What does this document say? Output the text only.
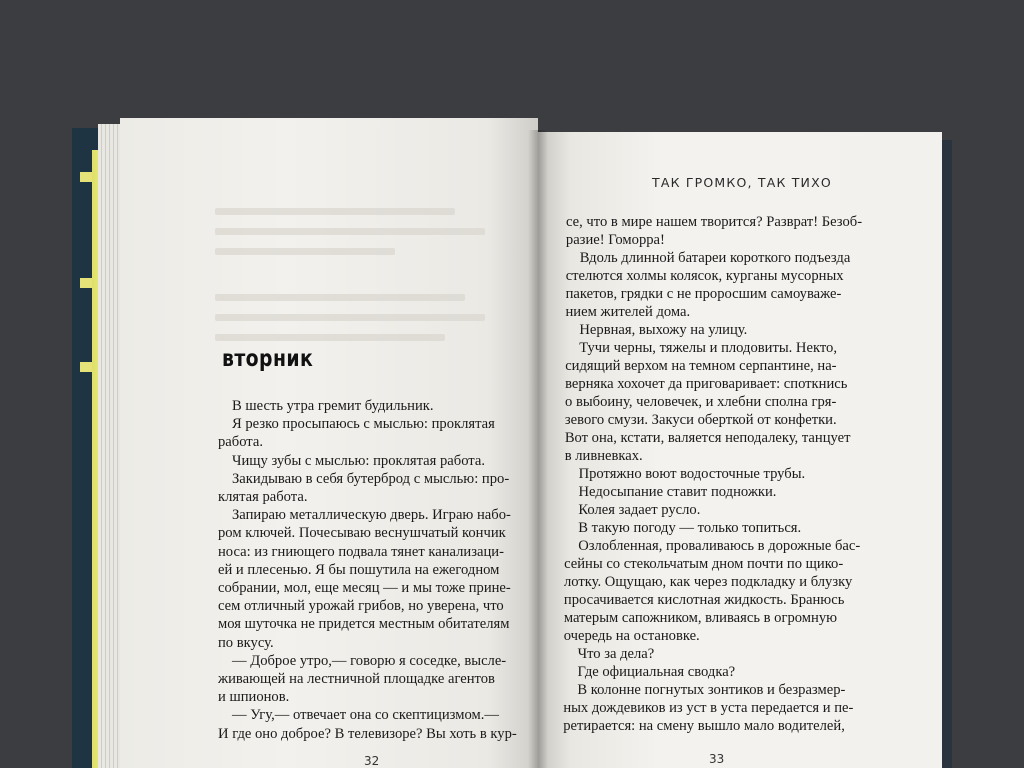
ТАК ГРОМКО, ТАК ТИХО
вторник
В шесть утра гремит будильник.
Я резко просыпаюсь с мыслью: проклятая
работа.
Чищу зубы с мыслью: проклятая работа.
Закидываю в себя бутерброд с мыслью: про-
клятая работа.
Запираю металлическую дверь. Играю набо-
ром ключей. Почесываю веснушчатый кончик
носа: из гниющего подвала тянет канализаци-
ей и плесенью. Я бы пошутила на ежегодном
собрании, мол, еще месяц — и мы тоже прине-
сем отличный урожай грибов, но уверена, что
моя шуточка не придется местным обитателям
по вкусу.
— Доброе утро,— говорю я соседке, высле-
живающей на лестничной площадке агентов
и шпионов.
— Угу,— отвечает она со скептицизмом.—
И где оно доброе? В телевизоре? Вы хоть в кур-
се, что в мире нашем творится? Разврат! Безоб-
разие! Гоморра!
Вдоль длинной батареи короткого подъезда
стелются холмы колясок, курганы мусорных
пакетов, грядки с не проросшим самоуваже-
нием жителей дома.
Нервная, выхожу на улицу.
Тучи черны, тяжелы и плодовиты. Некто,
сидящий верхом на темном серпантине, на-
верняка хохочет да приговаривает: споткнись
о выбоину, человечек, и хлебни сполна гря-
зевого смузи. Закуси оберткой от конфетки.
Вот она, кстати, валяется неподалеку, танцует
в ливневках.
Протяжно воют водосточные трубы.
Недосыпание ставит подножки.
Колея задает русло.
В такую погоду — только топиться.
Озлобленная, проваливаюсь в дорожные бас-
сейны со стекольчатым дном почти по щико-
лотку. Ощущаю, как через подкладку и блузку
просачивается кислотная жидкость. Бранюсь
матерым сапожником, вливаясь в огромную
очередь на остановке.
Что за дела?
Где официальная сводка?
В колонне погнутых зонтиков и безразмер-
ных дождевиков из уст в уста передается и пе-
ретирается: на смену вышло мало водителей,
32	33
